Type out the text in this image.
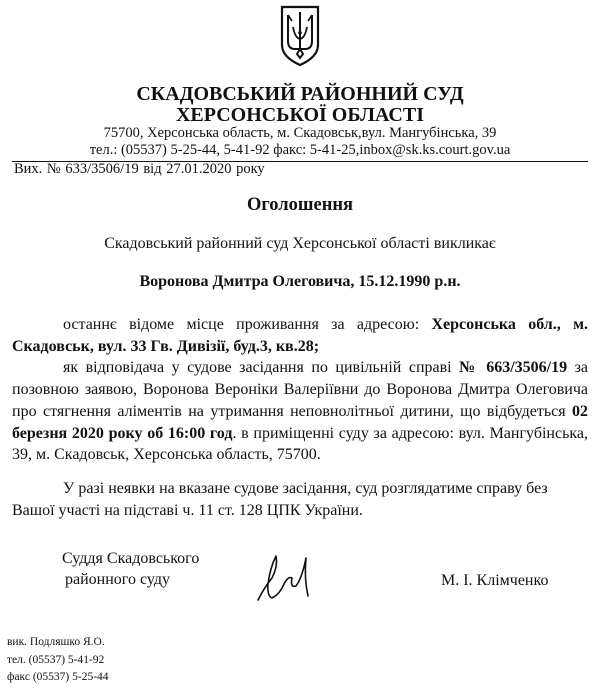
СКАДОВСЬКИЙ РАЙОННИЙ СУД
ХЕРСОНСЬКОЇ ОБЛАСТІ
75700, Херсонська область, м. Скадовськ,вул. Мангубінська, 39
тел.: (05537) 5-25-44, 5-41-92 факс: 5-41-25,inbox@sk.ks.court.gov.ua
Вих. № 633/3506/19 від 27.01.2020 року
Оголошення
Скадовський районний суд Херсонської області викликає
Воронова Дмитра Олеговича, 15.12.1990 р.н.

останнє відоме місце проживання за адресою: Херсонська обл., м. Скадовськ, вул. 33 Гв. Дивізії, буд.3, кв.28;

як відповідача у судове засідання по цивільній справі № 663/3506/19 за позовною заявою, Воронова Вероніки Валеріївни до Воронова Дмитра Олеговича про стягнення аліментів на утримання неповнолітньої дитини, що відбудеться 02 березня 2020 року об 16:00 год. в приміщенні суду за адресою: вул. Мангубінська, 39, м. Скадовськ, Херсонська область, 75700.

У разі неявки на вказане судове засідання, суд розглядатиме справу без Вашої участі на підставі ч. 11 ст. 128 ЦПК України.

Суддя Скадовського
районного суду	М. І. Клімченко
вик. Подляшко Я.О.
тел. (05537) 5-41-92
факс (05537) 5-25-44
